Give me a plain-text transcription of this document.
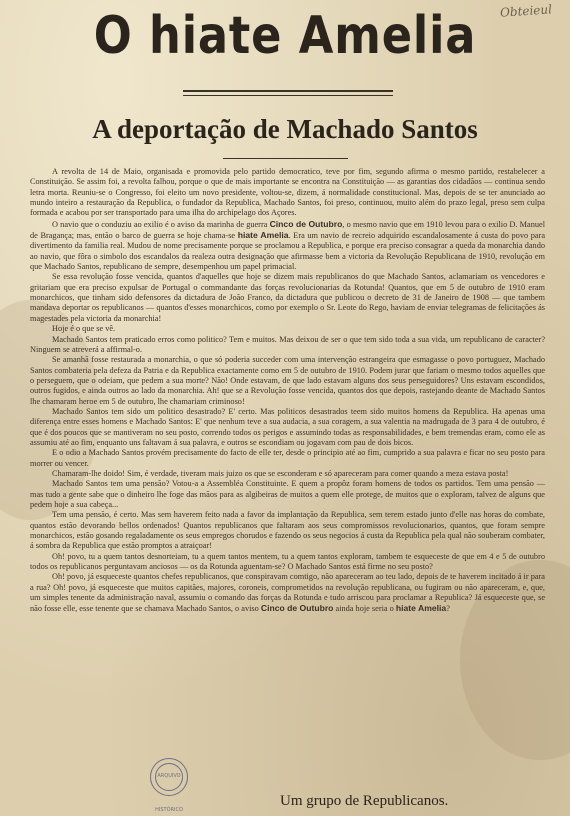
Obteieul
O hiate Amelia
A deportação de Machado Santos

A revolta de 14 de Maio, organisada e promovida pelo partido democratico, teve por fim, segundo afirma o mesmo partido, restabelecer a Constituição. Se assim foi, a revolta falhou, porque o que de mais importante se encontra na Constituição — as garantias dos cidadãos — continua sendo letra morta. Reuniu-se o Congresso, foi eleito um novo presidente, voltou-se, dizem, á normalidade constitucional. Mas, depois de se ter anunciado ao mundo inteiro a restauração da Republica, o fundador da Republica, Machado Santos, foi preso, continuou, muito além do prazo legal, preso sem culpa formada e acabou por ser transportado para uma ilha do archipelago dos Açores.

O navio que o conduziu ao exilio é o aviso da marinha de guerra Cinco de Outubro, o mesmo navio que em 1910 levou para o exilio D. Manuel de Bragança; mas, então o barco de guerra se hoje chama-se hiate Amelia. Era um navio de recreio adquirido escandalosamente á custa do povo para divertimento da familia real. Mudou de nome precisamente porque se proclamou a Republica, e porque era preciso consagrar a queda da monarchia dando ao navio, que fôra o simbolo dos escandalos da realeza outra designação que afirmasse bem a victoria da Revolução Republicana de 1910, revolução em que Machado Santos, republicano de sempre, desempenhou um papel primacial.

Se essa revolução fosse vencida, quantos d'aquelles que hoje se dizem mais republicanos do que Machado Santos, aclamariam os vencedores e gritariam que era preciso expulsar de Portugal o commandante das forças revolucionarias da Rotunda! Quantos, que em 5 de outubro de 1910 eram monarchicos, que tinham sido defensores da dictadura de João Franco, da dictadura que publicou o decreto de 31 de Janeiro de 1908 — que tambem mandava deportar os republicanos — quantos d'esses monarchicos, como por exemplo o Sr. Leote do Rego, haviam de enviar telegramas de felicitações ás magestades pela victoria da monarchia!

Hoje é o que se vê.

Machado Santos tem praticado erros como politico? Tem e muitos. Mas deixou de ser o que tem sido toda a sua vida, um republicano de caracter? Ninguem se atreverá a affirmal-o.

Se amanhã fosse restaurada a monarchia, o que só poderia succeder com uma intervenção estrangeira que esmagasse o povo portuguez, Machado Santos combateria pela defeza da Patria e da Republica exactamente como em 5 de outubro de 1910. Podem jurar que fariam o mesmo todos aquelles que o perseguem, que o odeiam, que pedem a sua morte? Não! Onde estavam, de que lado estavam alguns dos seus perseguidores? Uns estavam escondidos, outros fugidos, e ainda outros ao lado da monarchia. Ah! que se a Revolução fosse vencida, quantos dos que depois, rastejando deante de Machado Santos lhe chamaram heroe em 5 de outubro, lhe chamariam criminoso!

Machado Santos tem sido um politico desastrado? E' certo. Mas politicos desastrados teem sido muitos homens da Republica. Ha apenas uma diferença entre esses homens e Machado Santos: E' que nenhum teve a sua audacia, a sua coragem, a sua valentia na madrugada de 3 para 4 de outubro, é que é dos poucos que se mantiveram no seu posto, correndo todos os perigos e assumindo todas as responsabilidades, e bem tremendas eram, como ele as assumiu até ao fim, enquanto uns faltavam á sua palavra, e outros se escondiam ou jogavam com pau de dois bicos.

E o odio a Machado Santos provém precisamente do facto de elle ter, desde o principio até ao fim, cumprido a sua palavra e ficar no seu posto para morrer ou vencer.

Chamaram-lhe doido! Sim, é verdade, tiveram mais juizo os que se esconderam e só apareceram para comer quando a meza estava posta!

Machado Santos tem uma pensão? Votou-a a Assembléa Constituinte. E quem a propôz foram homens de todos os partidos. Tem uma pensão — mas tudo a gente sabe que o dinheiro lhe foge das mãos para as algibeiras de muitos a quem elle protege, de muitos que o exploram, talvez de alguns que pedem hoje a sua cabeça...

Tem uma pensão, é certo. Mas sem haverem feito nada a favor da implantação da Republica, sem terem estado junto d'elle nas horas do combate, quantos estão devorando bellos ordenados! Quantos republicanos que faltaram aos seus compromissos revolucionarios, quantos, que foram sempre monarchicos, estão gosando regaladamente os seus empregos chorudos e fazendo os seus negocios á custa da Republica pela qual não souberam combater, á sombra da Republica que estão promptos a atraiçoar!

Oh! povo, tu a quem tantos desnorteiam, tu a quem tantos mentem, tu a quem tantos exploram, tambem te esqueceste de que em 4 e 5 de outubro todos os republicanos perguntavam anciosos — os da Rotunda aguentam-se? O Machado Santos está firme no seu posto?

Oh! povo, já esqueceste quantos chefes republicanos, que conspiravam comtigo, não apareceram ao teu lado, depois de te haverem incitado á ir para a rua? Oh! povo, já esqueceste que muitos capitães, majores, coroneis, comprometidos na revolução republicana, ou fugiram ou não apareceram, e, que, um simples tenente da administração naval, assumiu o comando das forças da Rotunda e tudo arriscou para proclamar a Republica? Já esqueceste que, se não fosse elle, esse tenente que se chamava Machado Santos, o aviso Cinco de Outubro ainda hoje seria o hiate Amelia?

ARQUIVO HISTÓRICO
Um grupo de Republicanos.
